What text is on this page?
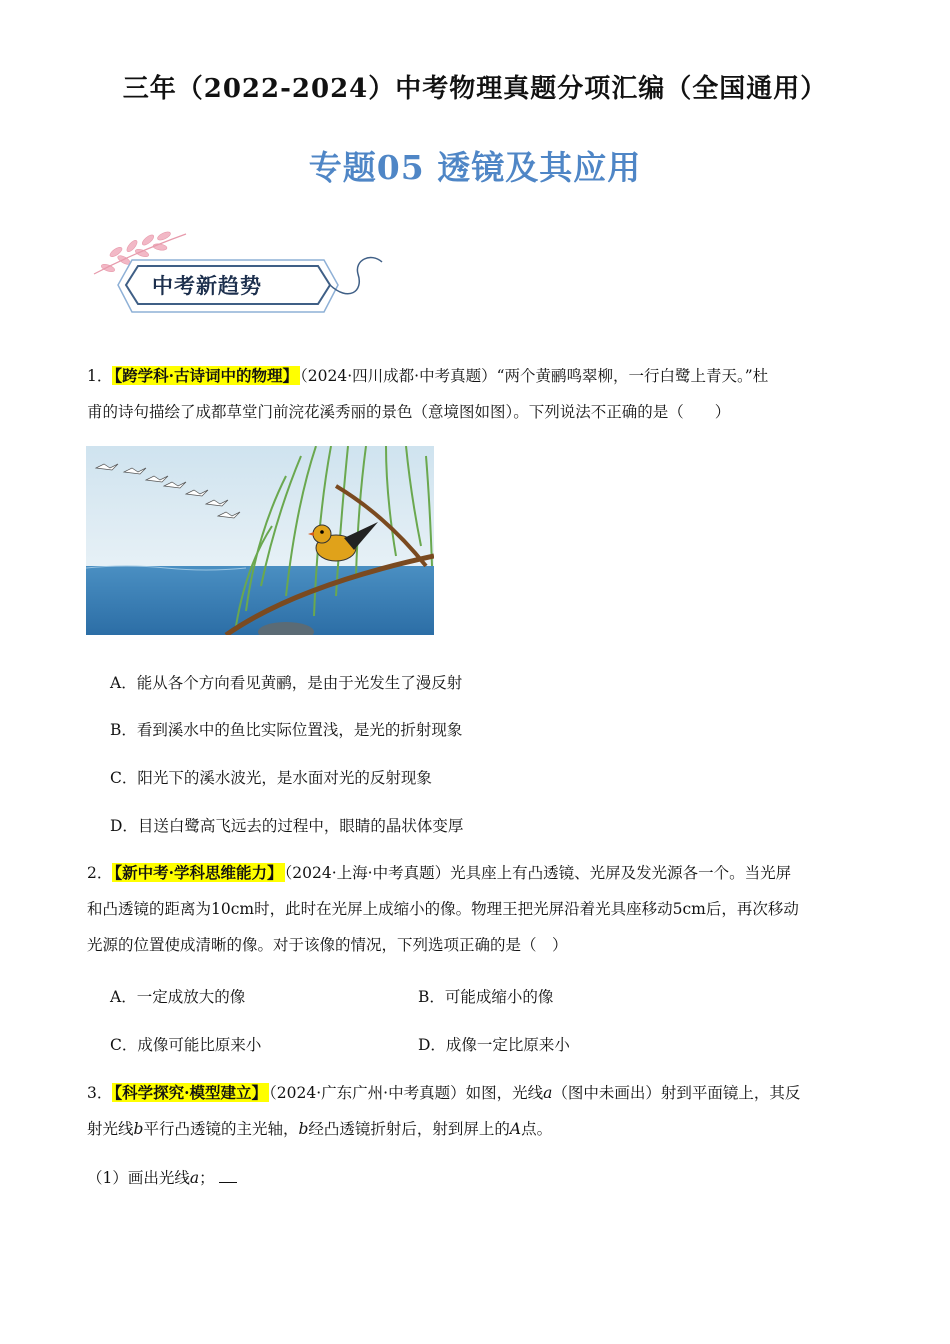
三年（2022-2024）中考物理真题分项汇编（全国通用）
专题05 透镜及其应用
中考新趋势
1． 【跨学科·古诗词中的物理】 （2024·四川成都·中考真题）“两个黄鹂鸣翠柳，一行白鹭上青天。”杜
甫的诗句描绘了成都草堂门前浣花溪秀丽的景色（意境图如图）。下列说法不正确的是（　　）
A．能从各个方向看见黄鹂，是由于光发生了漫反射
B．看到溪水中的鱼比实际位置浅，是光的折射现象
C．阳光下的溪水波光，是水面对光的反射现象
D．目送白鹭高飞远去的过程中，眼睛的晶状体变厚
2． 【新中考·学科思维能力】 （2024·上海·中考真题）光具座上有凸透镜、光屏及发光源各一个。当光屏
和凸透镜的距离为10cm时，此时在光屏上成缩小的像。物理王把光屏沿着光具座移动5cm后，再次移动
光源的位置使成清晰的像。对于该像的情况，下列选项正确的是（　）
A．一定成放大的像	B．可能成缩小的像
C．成像可能比原来小	D．成像一定比原来小
3． 【科学探究·模型建立】 （2024·广东广州·中考真题）如图，光线a（图中未画出）射到平面镜上，其反
射光线b平行凸透镜的主光轴，b经凸透镜折射后，射到屏上的A点。
（1）画出光线a；
